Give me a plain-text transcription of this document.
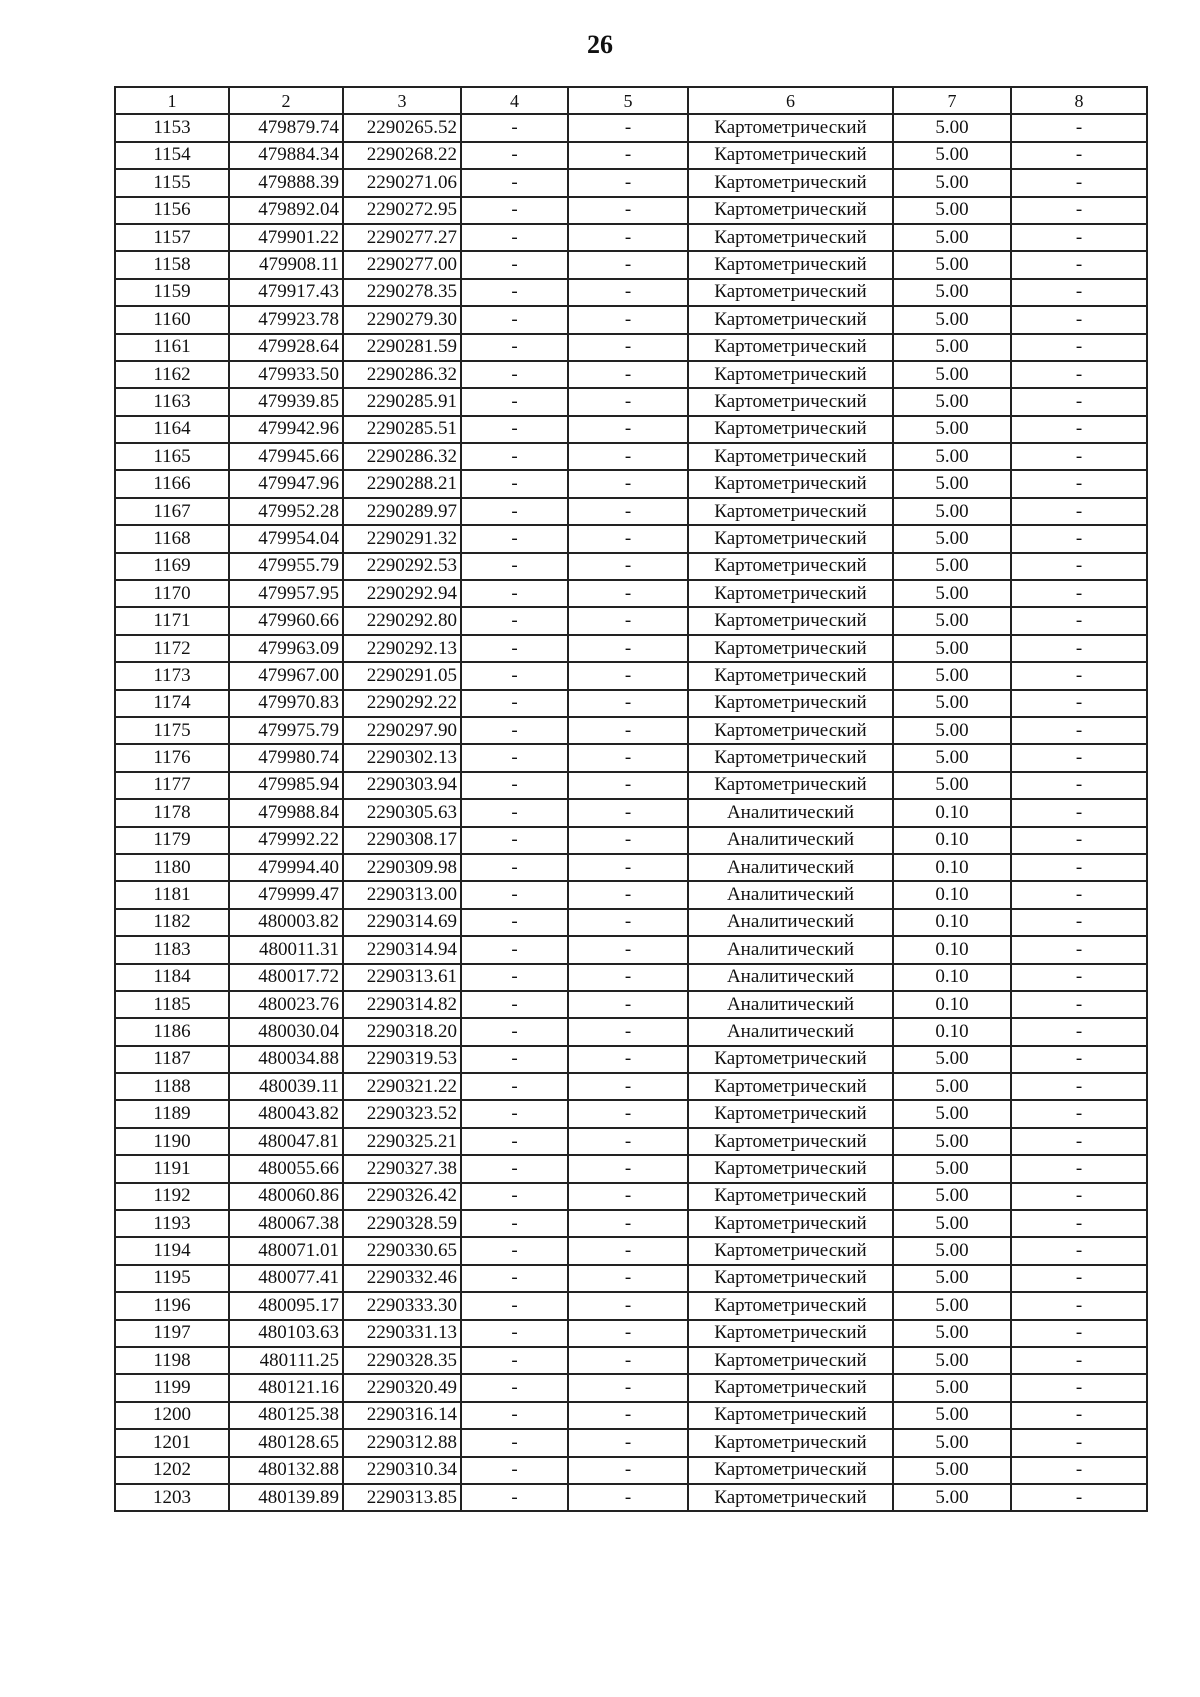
26
1	2	3	4	5	6	7	8
1153	479879.74	2290265.52	-	-	Картометрический	5.00	-
1154	479884.34	2290268.22	-	-	Картометрический	5.00	-
1155	479888.39	2290271.06	-	-	Картометрический	5.00	-
1156	479892.04	2290272.95	-	-	Картометрический	5.00	-
1157	479901.22	2290277.27	-	-	Картометрический	5.00	-
1158	479908.11	2290277.00	-	-	Картометрический	5.00	-
1159	479917.43	2290278.35	-	-	Картометрический	5.00	-
1160	479923.78	2290279.30	-	-	Картометрический	5.00	-
1161	479928.64	2290281.59	-	-	Картометрический	5.00	-
1162	479933.50	2290286.32	-	-	Картометрический	5.00	-
1163	479939.85	2290285.91	-	-	Картометрический	5.00	-
1164	479942.96	2290285.51	-	-	Картометрический	5.00	-
1165	479945.66	2290286.32	-	-	Картометрический	5.00	-
1166	479947.96	2290288.21	-	-	Картометрический	5.00	-
1167	479952.28	2290289.97	-	-	Картометрический	5.00	-
1168	479954.04	2290291.32	-	-	Картометрический	5.00	-
1169	479955.79	2290292.53	-	-	Картометрический	5.00	-
1170	479957.95	2290292.94	-	-	Картометрический	5.00	-
1171	479960.66	2290292.80	-	-	Картометрический	5.00	-
1172	479963.09	2290292.13	-	-	Картометрический	5.00	-
1173	479967.00	2290291.05	-	-	Картометрический	5.00	-
1174	479970.83	2290292.22	-	-	Картометрический	5.00	-
1175	479975.79	2290297.90	-	-	Картометрический	5.00	-
1176	479980.74	2290302.13	-	-	Картометрический	5.00	-
1177	479985.94	2290303.94	-	-	Картометрический	5.00	-
1178	479988.84	2290305.63	-	-	Аналитический	0.10	-
1179	479992.22	2290308.17	-	-	Аналитический	0.10	-
1180	479994.40	2290309.98	-	-	Аналитический	0.10	-
1181	479999.47	2290313.00	-	-	Аналитический	0.10	-
1182	480003.82	2290314.69	-	-	Аналитический	0.10	-
1183	480011.31	2290314.94	-	-	Аналитический	0.10	-
1184	480017.72	2290313.61	-	-	Аналитический	0.10	-
1185	480023.76	2290314.82	-	-	Аналитический	0.10	-
1186	480030.04	2290318.20	-	-	Аналитический	0.10	-
1187	480034.88	2290319.53	-	-	Картометрический	5.00	-
1188	480039.11	2290321.22	-	-	Картометрический	5.00	-
1189	480043.82	2290323.52	-	-	Картометрический	5.00	-
1190	480047.81	2290325.21	-	-	Картометрический	5.00	-
1191	480055.66	2290327.38	-	-	Картометрический	5.00	-
1192	480060.86	2290326.42	-	-	Картометрический	5.00	-
1193	480067.38	2290328.59	-	-	Картометрический	5.00	-
1194	480071.01	2290330.65	-	-	Картометрический	5.00	-
1195	480077.41	2290332.46	-	-	Картометрический	5.00	-
1196	480095.17	2290333.30	-	-	Картометрический	5.00	-
1197	480103.63	2290331.13	-	-	Картометрический	5.00	-
1198	480111.25	2290328.35	-	-	Картометрический	5.00	-
1199	480121.16	2290320.49	-	-	Картометрический	5.00	-
1200	480125.38	2290316.14	-	-	Картометрический	5.00	-
1201	480128.65	2290312.88	-	-	Картометрический	5.00	-
1202	480132.88	2290310.34	-	-	Картометрический	5.00	-
1203	480139.89	2290313.85	-	-	Картометрический	5.00	-
